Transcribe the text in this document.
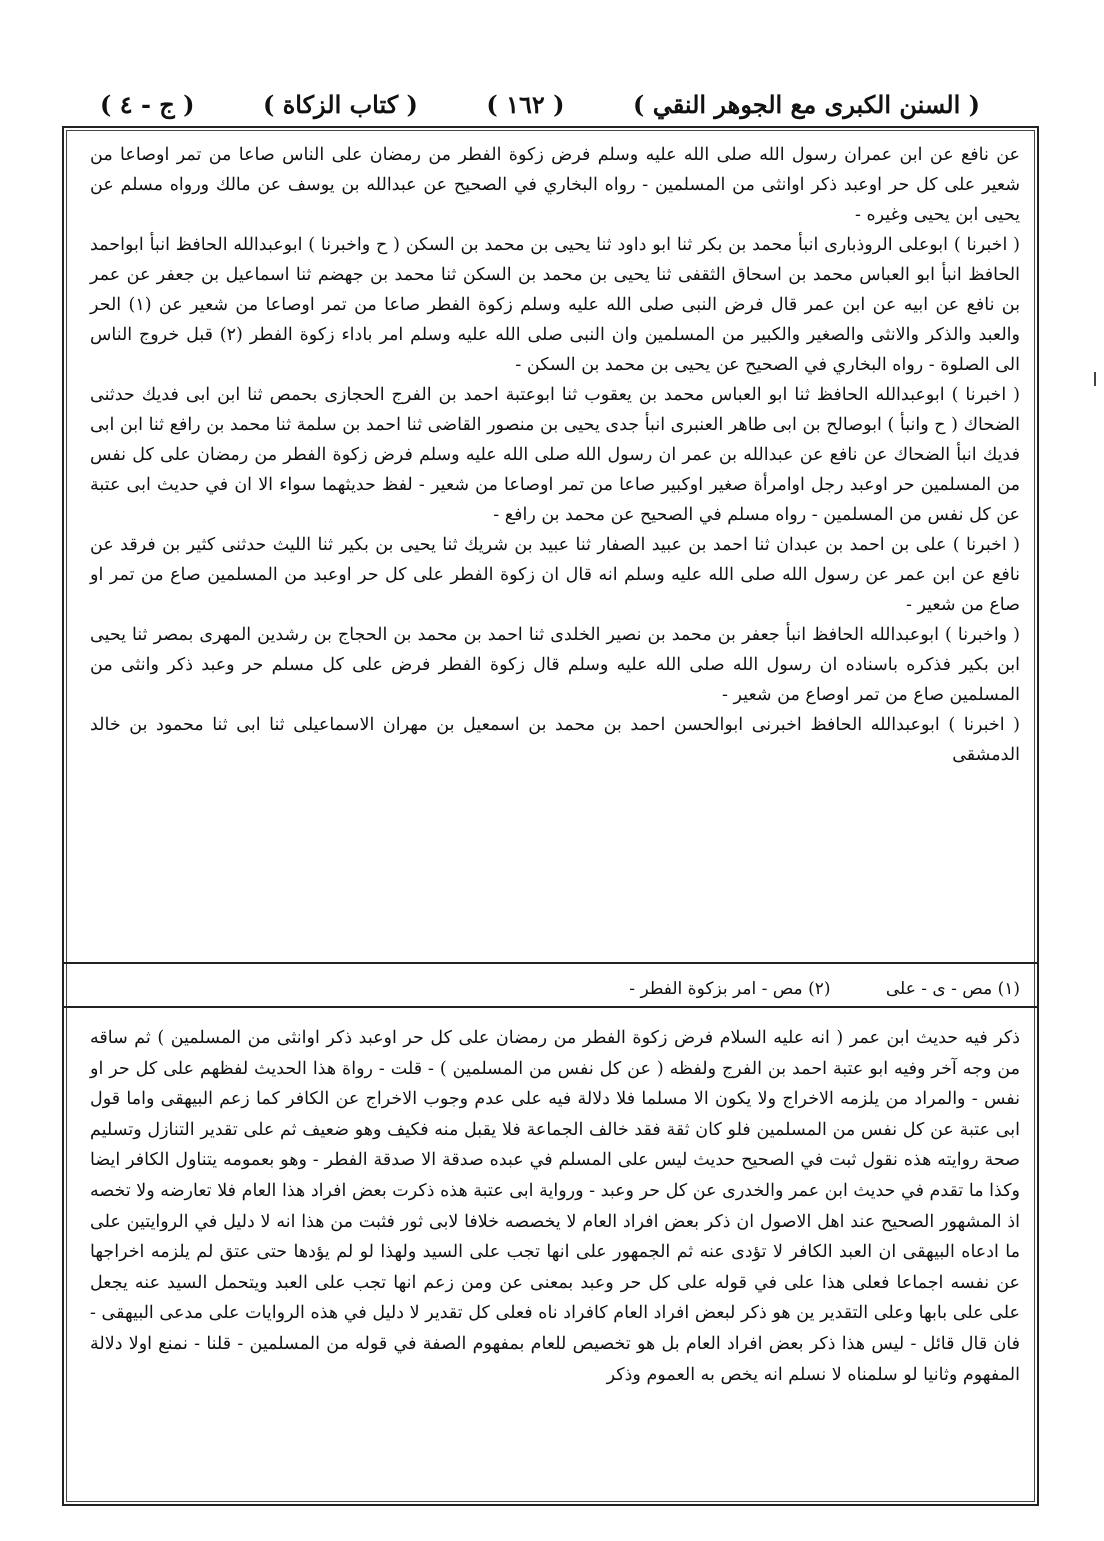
( السنن الكبرى مع الجوهر النقي )
( ١٦٢ )
( كتاب الزكاة )
( ج - ٤ )

عن نافع عن ابن عمران رسول الله صلى الله عليه وسلم فرض زكوة الفطر من رمضان على الناس صاعا من تمر اوصاعا من شعير على كل حر اوعبد ذكر اوانثى من المسلمين - رواه البخاري في الصحيح عن عبدالله بن يوسف عن مالك ورواه مسلم عن يحيى ابن يحيى وغيره -

( اخبرنا ) ابوعلى الروذبارى انبأ محمد بن بكر ثنا ابو داود ثنا يحيى بن محمد بن السكن ( ح واخبرنا ) ابوعبدالله الحافظ انبأ ابواحمد الحافظ انبأ ابو العباس محمد بن اسحاق الثقفى ثنا يحيى بن محمد بن السكن ثنا محمد بن جهضم ثنا اسماعيل بن جعفر عن عمر بن نافع عن ابيه عن ابن عمر قال فرض النبى صلى الله عليه وسلم زكوة الفطر صاعا من تمر اوصاعا من شعير عن (١) الحر والعبد والذكر والانثى والصغير والكبير من المسلمين وان النبى صلى الله عليه وسلم امر باداء زكوة الفطر (٢) قبل خروج الناس الى الصلوة - رواه البخاري في الصحيح عن يحيى بن محمد بن السكن -

( اخبرنا ) ابوعبدالله الحافظ ثنا ابو العباس محمد بن يعقوب ثنا ابوعتبة احمد بن الفرج الحجازى بحمص ثنا ابن ابى فديك حدثنى الضحاك ( ح وانبأ ) ابوصالح بن ابى طاهر العنبرى انبأ جدى يحيى بن منصور القاضى ثنا احمد بن سلمة ثنا محمد بن رافع ثنا ابن ابى فديك انبأ الضحاك عن نافع عن عبدالله بن عمر ان رسول الله صلى الله عليه وسلم فرض زكوة الفطر من رمضان على كل نفس من المسلمين حر اوعبد رجل اوامرأة صغير اوكبير صاعا من تمر اوصاعا من شعير - لفظ حديثهما سواء الا ان في حديث ابى عتبة عن كل نفس من المسلمين - رواه مسلم في الصحيح عن محمد بن رافع -

( اخبرنا ) على بن احمد بن عبدان ثنا احمد بن عبيد الصفار ثنا عبيد بن شريك ثنا يحيى بن بكير ثنا الليث حدثنى كثير بن فرقد عن نافع عن ابن عمر عن رسول الله صلى الله عليه وسلم انه قال ان زكوة الفطر على كل حر اوعبد من المسلمين صاع من تمر او صاع من شعير -

( واخبرنا ) ابوعبدالله الحافظ انبأ جعفر بن محمد بن نصير الخلدى ثنا احمد بن محمد بن الحجاج بن رشدين المهرى بمصر ثنا يحيى ابن بكير فذكره باسناده ان رسول الله صلى الله عليه وسلم قال زكوة الفطر فرض على كل مسلم حر وعبد ذكر وانثى من المسلمين صاع من تمر اوصاع من شعير -

( اخبرنا ) ابوعبدالله الحافظ اخبرنى ابوالحسن احمد بن محمد بن اسمعيل بن مهران الاسماعيلى ثنا ابى ثنا محمود بن خالد الدمشقى

(١) مص - ى - على (٢) مص - امر بزكوة الفطر -

ذكر فيه حديث ابن عمر ( انه عليه السلام فرض زكوة الفطر من رمضان على كل حر اوعبد ذكر اوانثى من المسلمين ) ثم ساقه من وجه آخر وفيه ابو عتبة احمد بن الفرج ولفظه ( عن كل نفس من المسلمين ) - قلت - رواة هذا الحديث لفظهم على كل حر او نفس - والمراد من يلزمه الاخراج ولا يكون الا مسلما فلا دلالة فيه على عدم وجوب الاخراج عن الكافر كما زعم البيهقى واما قول ابى عتبة عن كل نفس من المسلمين فلو كان ثقة فقد خالف الجماعة فلا يقبل منه فكيف وهو ضعيف ثم على تقدير التنازل وتسليم صحة روايته هذه نقول ثبت في الصحيح حديث ليس على المسلم في عبده صدقة الا صدقة الفطر - وهو بعمومه يتناول الكافر ايضا وكذا ما تقدم في حديث ابن عمر والخدرى عن كل حر وعبد - ورواية ابى عتبة هذه ذكرت بعض افراد هذا العام فلا تعارضه ولا تخصه اذ المشهور الصحيح عند اهل الاصول ان ذكر بعض افراد العام لا يخصصه خلافا لابى ثور فثبت من هذا انه لا دليل في الروايتين على ما ادعاه البيهقى ان العبد الكافر لا تؤدى عنه ثم الجمهور على انها تجب على السيد ولهذا لو لم يؤدها حتى عتق لم يلزمه اخراجها عن نفسه اجماعا فعلى هذا على في قوله على كل حر وعبد بمعنى عن ومن زعم انها تجب على العبد ويتحمل السيد عنه يجعل على على بابها وعلى التقدير ين هو ذكر لبعض افراد العام كافراد ناه فعلى كل تقدير لا دليل في هذه الروايات على مدعى البيهقى - فان قال قائل - ليس هذا ذكر بعض افراد العام بل هو تخصيص للعام بمفهوم الصفة في قوله من المسلمين - قلنا - نمنع اولا دلالة المفهوم وثانيا لو سلمناه لا نسلم انه يخص به العموم وذكر
